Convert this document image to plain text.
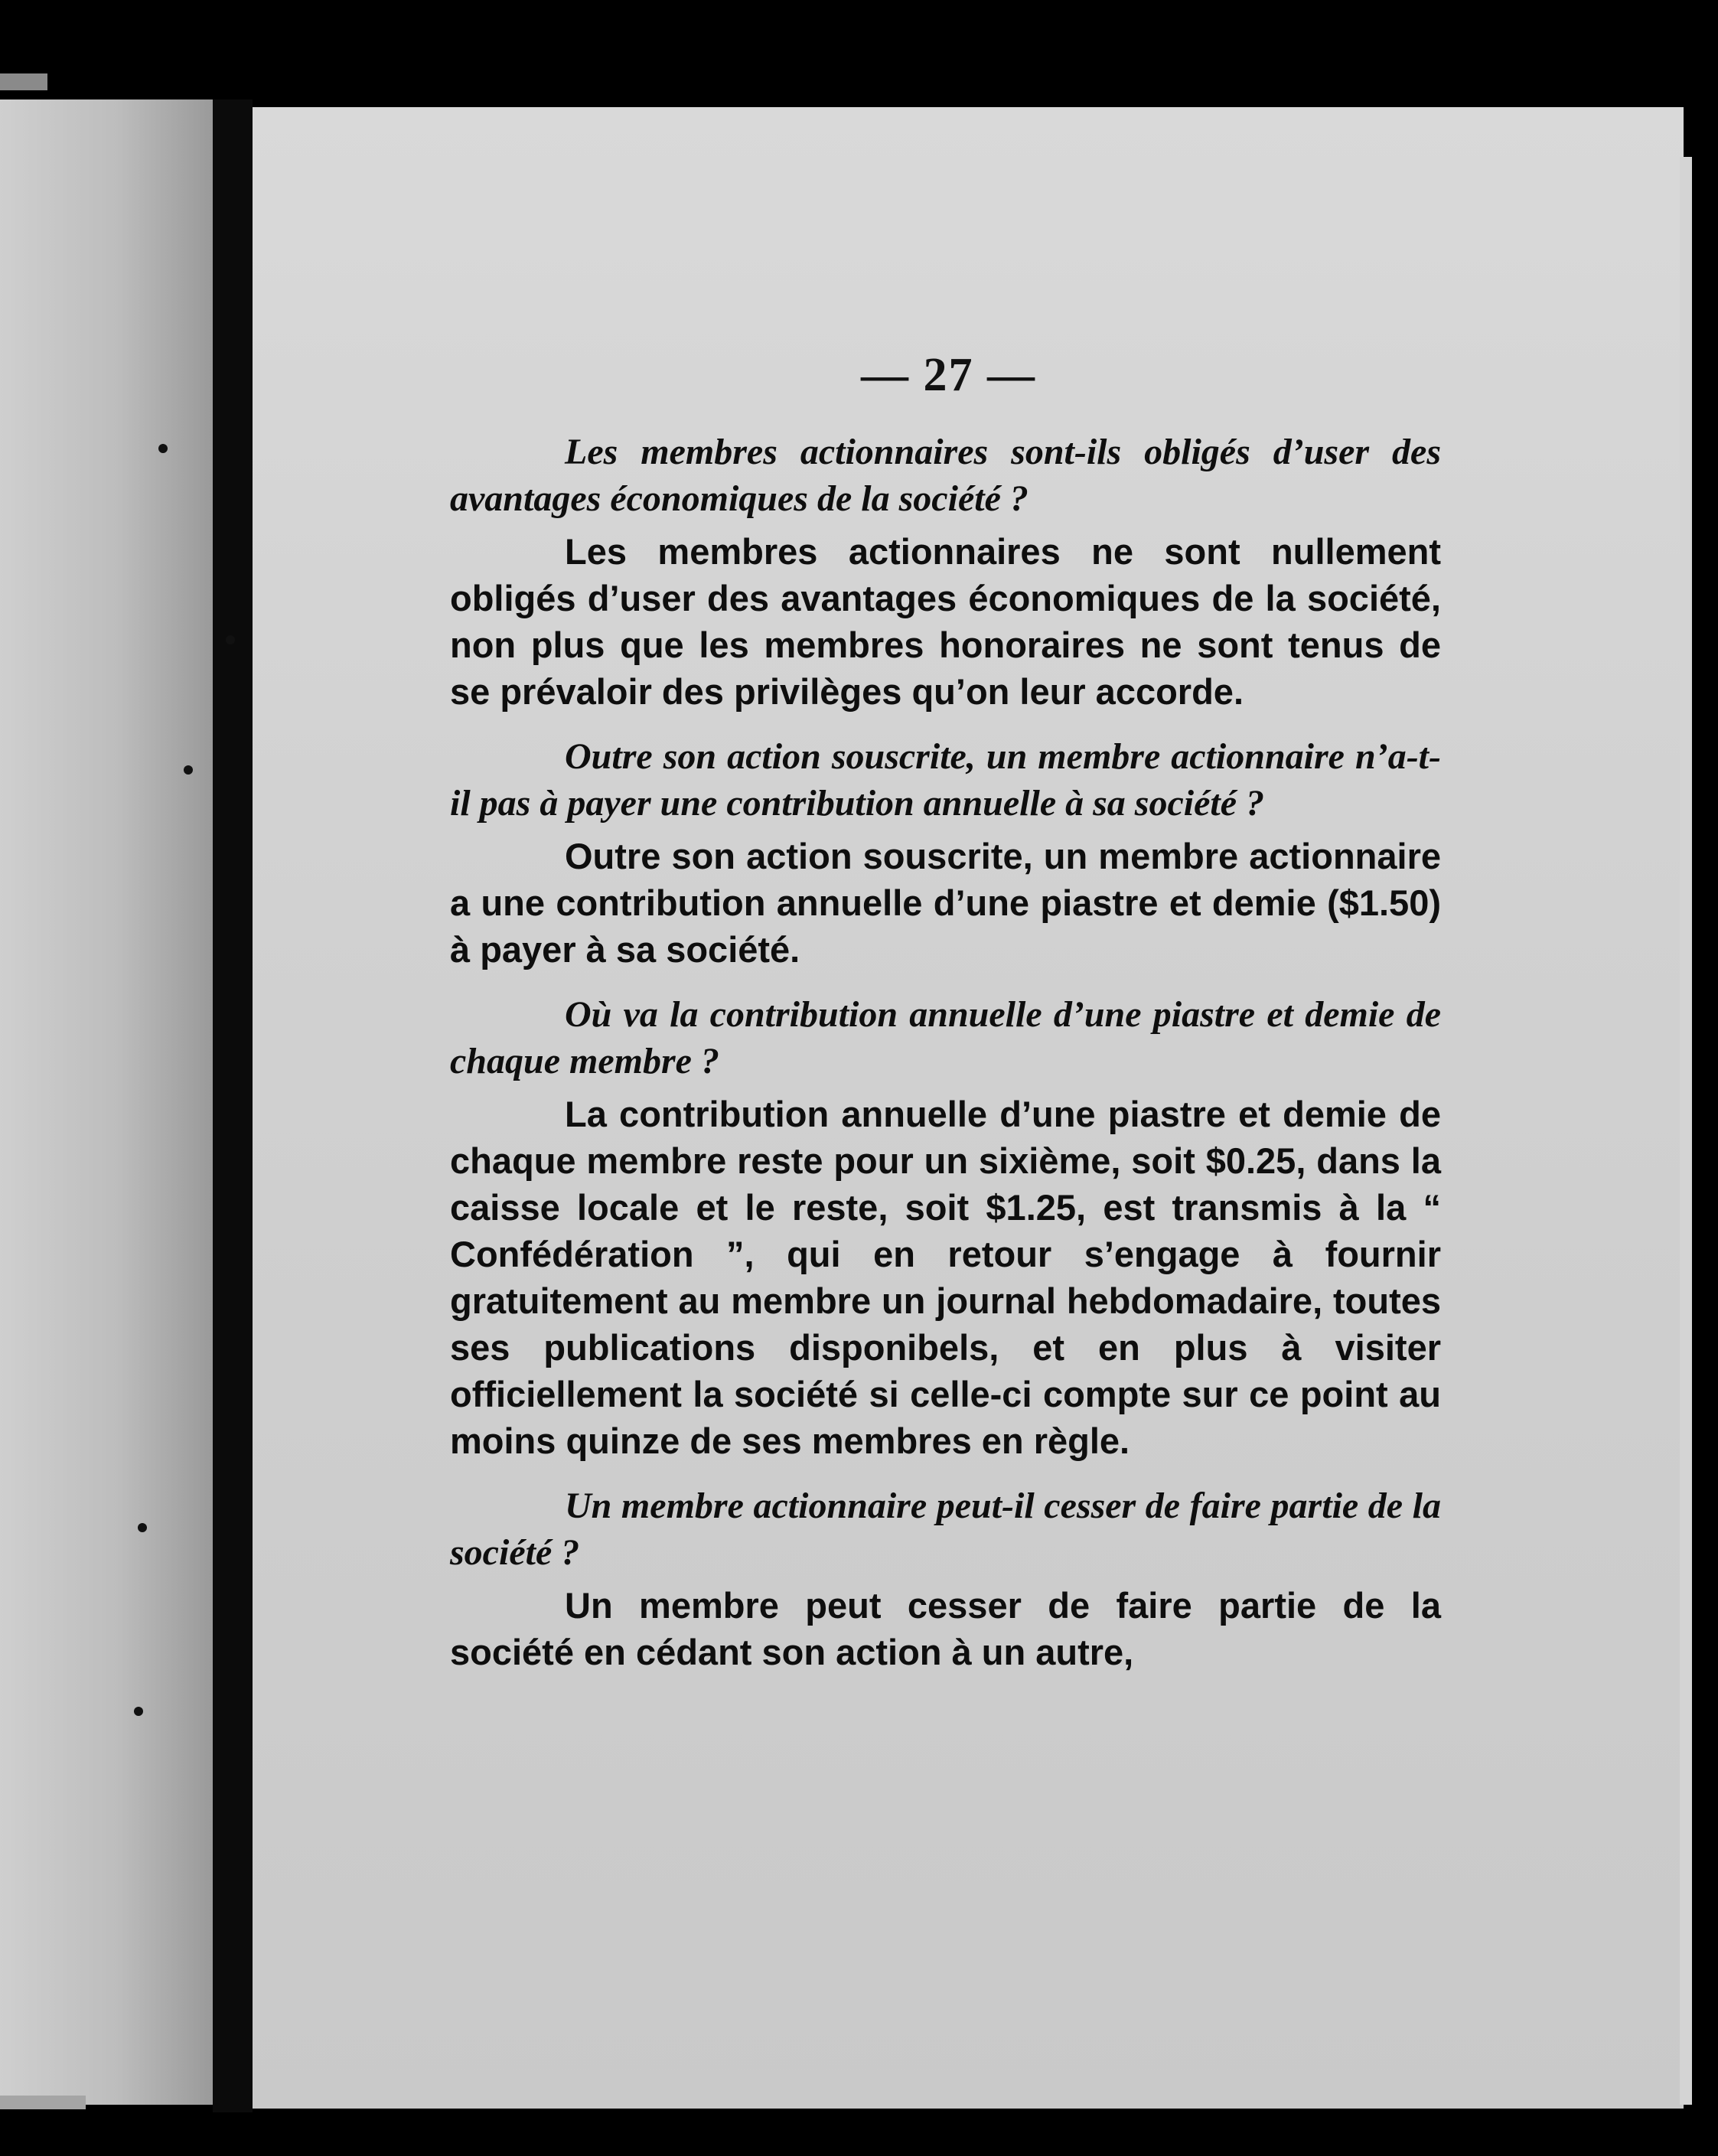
— 27 —

Les membres actionnaires sont-ils obligés d’user des avantages économiques de la société ?

Les membres actionnaires ne sont nullement obligés d’user des avantages économiques de la société, non plus que les membres honoraires ne sont tenus de se prévaloir des privilèges qu’on leur accorde.

Outre son action souscrite, un membre actionnaire n’a-t-il pas à payer une contribution annuelle à sa société ?

Outre son action souscrite, un membre actionnaire a une contribution annuelle d’une piastre et demie ($1.50) à payer à sa société.

Où va la contribution annuelle d’une piastre et demie de chaque membre ?

La contribution annuelle d’une piastre et demie de chaque membre reste pour un sixième, soit $0.25, dans la caisse locale et le reste, soit $1.25, est transmis à la “ Confédération ”, qui en retour s’engage à fournir gratuitement au membre un journal hebdomadaire, toutes ses publications disponibels, et en plus à visiter officiellement la société si celle-ci compte sur ce point au moins quinze de ses membres en règle.

Un membre actionnaire peut-il cesser de faire partie de la société ?

Un membre peut cesser de faire partie de la société en cédant son action à un autre,
